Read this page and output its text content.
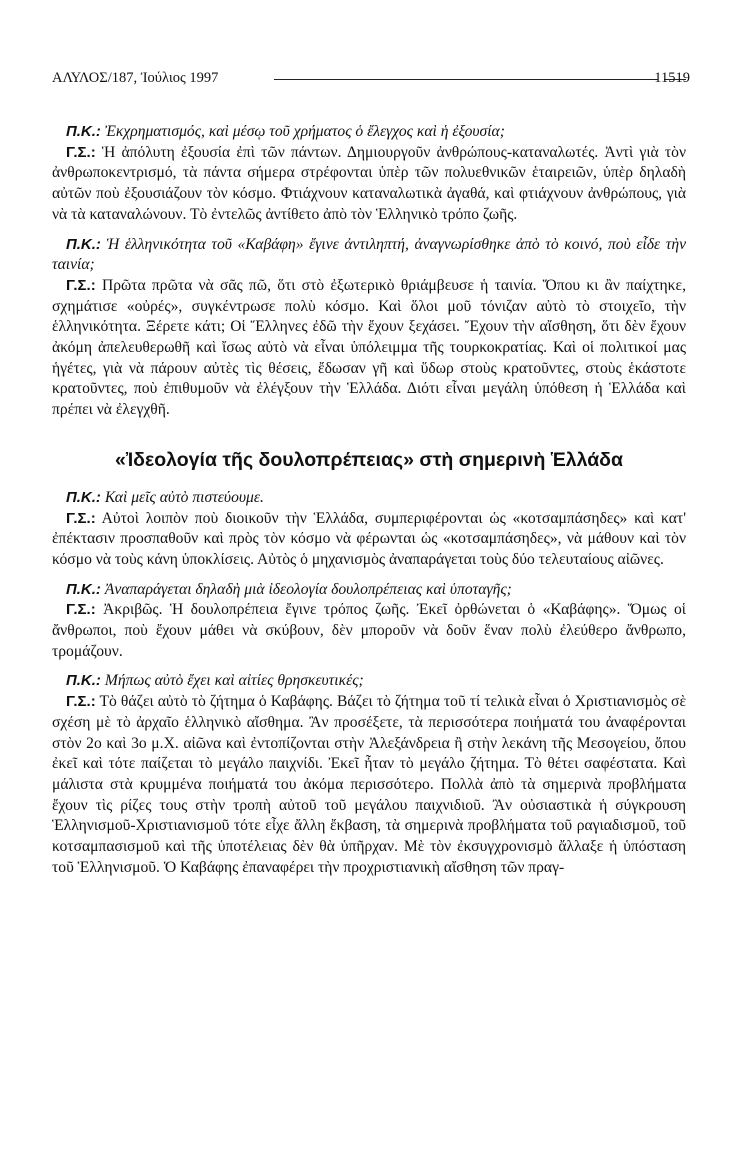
ΑΛΥΛΟΣ/187, Ἰούλιος 1997	11519

Π.Κ.: Ἐκχρηματισμός, καὶ μέσῳ τοῦ χρήματος ὁ ἔλεγχος καὶ ἡ ἐξουσία;

Γ.Σ.: Ἡ ἀπόλυτη ἐξουσία ἐπὶ τῶν πάντων. Δημιουργοῦν ἀνθρώπους-καταναλωτές. Ἀντὶ γιὰ τὸν ἀνθρωποκεντρισμό, τὰ πάντα σήμερα στρέφονται ὑπὲρ τῶν πολυεθνικῶν ἑταιρειῶν, ὑπὲρ δηλαδὴ αὐτῶν ποὺ ἐξουσιάζουν τὸν κόσμο. Φτιάχνουν καταναλωτικὰ ἀγαθά, καὶ φτιάχνουν ἀνθρώπους, γιὰ νὰ τὰ καταναλώνουν. Τὸ ἐντελῶς ἀντίθετο ἀπὸ τὸν Ἑλληνικὸ τρόπο ζωῆς.

Π.Κ.: Ἡ ἑλληνικότητα τοῦ «Καβάφη» ἔγινε ἀντιληπτή, ἀναγνωρίσθηκε ἀπὸ τὸ κοινό, ποὺ εἶδε τὴν ταινία;

Γ.Σ.: Πρῶτα πρῶτα νὰ σᾶς πῶ, ὅτι στὸ ἐξωτερικὸ θριάμβευσε ἡ ταινία. Ὅπου κι ἂν παίχτηκε, σχημάτισε «οὐρές», συγκέντρωσε πολὺ κόσμο. Καὶ ὅλοι μοῦ τόνιζαν αὐτὸ τὸ στοιχεῖο, τὴν ἑλληνικότητα. Ξέρετε κάτι; Οἱ Ἕλληνες ἐδῶ τὴν ἔχουν ξεχάσει. Ἔχουν τὴν αἴσθηση, ὅτι δὲν ἔχουν ἀκόμη ἀπελευθερωθῆ καὶ ἴσως αὐτὸ νὰ εἶναι ὑπόλειμμα τῆς τουρκοκρατίας. Καὶ οἱ πολιτικοί μας ἡγέτες, γιὰ νὰ πάρουν αὐτὲς τὶς θέσεις, ἔδωσαν γῆ καὶ ὕδωρ στοὺς κρατοῦντες, στοὺς ἑκάστοτε κρατοῦντες, ποὺ ἐπιθυμοῦν νὰ ἐλέγξουν τὴν Ἑλλάδα. Διότι εἶναι μεγάλη ὑπόθεση ἡ Ἑλλάδα καὶ πρέπει νὰ ἐλεγχθῆ.

«Ἰδεολογία τῆς δουλοπρέπειας» στὴ σημερινὴ Ἑλλάδα

Π.Κ.: Καὶ μεῖς αὐτὸ πιστεύουμε.

Γ.Σ.: Αὐτοὶ λοιπὸν ποὺ διοικοῦν τὴν Ἑλλάδα, συμπεριφέρονται ὡς «κοτσαμπάσηδες» καὶ κατ' ἐπέκτασιν προσπαθοῦν καὶ πρὸς τὸν κόσμο νὰ φέρωνται ὡς «κοτσαμπάσηδες», νὰ μάθουν καὶ τὸν κόσμο νὰ τοὺς κάνη ὑποκλίσεις. Αὐτὸς ὁ μηχανισμὸς ἀναπαράγεται τοὺς δύο τελευταίους αἰῶνες.

Π.Κ.: Ἀναπαράγεται δηλαδὴ μιὰ ἰδεολογία δουλοπρέπειας καὶ ὑποταγῆς;

Γ.Σ.: Ἀκριβῶς. Ἡ δουλοπρέπεια ἔγινε τρόπος ζωῆς. Ἐκεῖ ὀρθώνεται ὁ «Καβάφης». Ὅμως οἱ ἄνθρωποι, ποὺ ἔχουν μάθει νὰ σκύβουν, δὲν μποροῦν νὰ δοῦν ἕναν πολὺ ἐλεύθερο ἄνθρωπο, τρομάζουν.

Π.Κ.: Μήπως αὐτὸ ἔχει καὶ αἰτίες θρησκευτικές;

Γ.Σ.: Τὸ θάζει αὐτὸ τὸ ζήτημα ὁ Καβάφης. Βάζει τὸ ζήτημα τοῦ τί τελικὰ εἶναι ὁ Χριστιανισμὸς σὲ σχέση μὲ τὸ ἀρχαῖο ἑλληνικὸ αἴσθημα. Ἂν προσέξετε, τὰ περισσότερα ποιήματά του ἀναφέρονται στὸν 2ο καὶ 3ο μ.Χ. αἰῶνα καὶ ἐντοπίζονται στὴν Ἀλεξάνδρεια ἢ στὴν λεκάνη τῆς Μεσογείου, ὅπου ἐκεῖ καὶ τότε παίζεται τὸ μεγάλο παιχνίδι. Ἐκεῖ ἦταν τὸ μεγάλο ζήτημα. Τὸ θέτει σαφέστατα. Καὶ μάλιστα στὰ κρυμμένα ποιήματά του ἀκόμα περισσότερο. Πολλὰ ἀπὸ τὰ σημερινὰ προβλήματα ἔχουν τὶς ρίζες τους στὴν τροπὴ αὐτοῦ τοῦ μεγάλου παιχνιδιοῦ. Ἂν οὐσιαστικὰ ἡ σύγκρουση Ἑλληνισμοῦ-Χριστιανισμοῦ τότε εἶχε ἄλλη ἔκβαση, τὰ σημερινὰ προβλήματα τοῦ ραγιαδισμοῦ, τοῦ κοτσαμπασισμοῦ καὶ τῆς ὑποτέλειας δὲν θὰ ὑπῆρχαν. Μὲ τὸν ἐκσυγχρονισμὸ ἄλλαξε ἡ ὑπόσταση τοῦ Ἑλληνισμοῦ. Ὁ Καβάφης ἐπαναφέρει τὴν προχριστιανικὴ αἴσθηση τῶν πραγ-
